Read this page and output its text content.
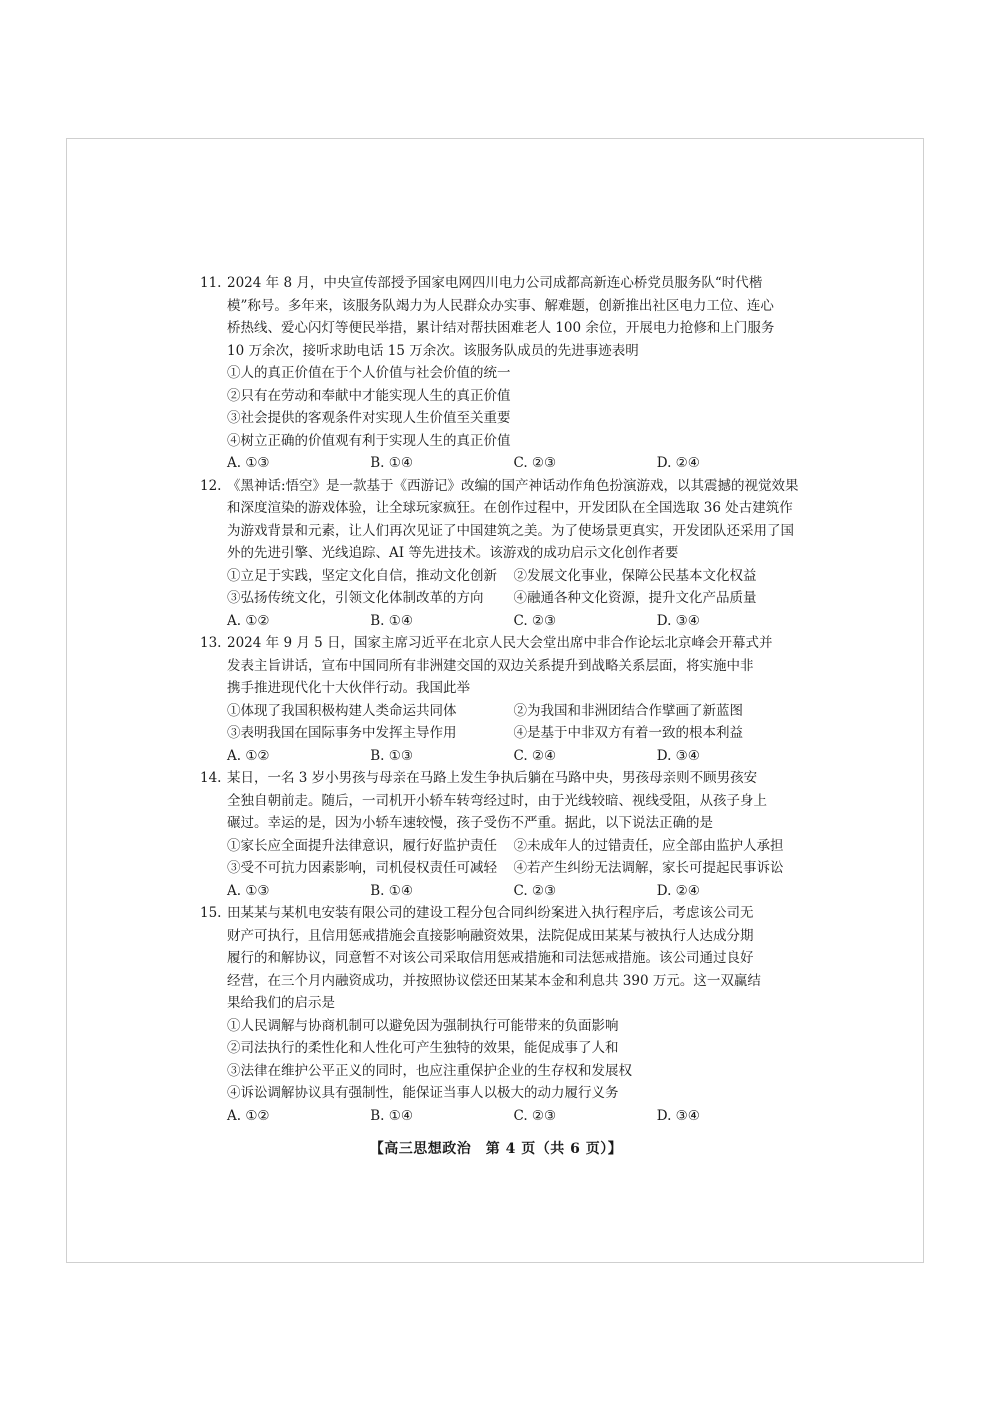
11. 2024 年 8 月，中央宣传部授予国家电网四川电力公司成都高新连心桥党员服务队“时代楷
模”称号。多年来，该服务队竭力为人民群众办实事、解难题，创新推出社区电力工位、连心
桥热线、爱心闪灯等便民举措，累计结对帮扶困难老人 100 余位，开展电力抢修和上门服务
10 万余次，接听求助电话 15 万余次。该服务队成员的先进事迹表明
①人的真正价值在于个人价值与社会价值的统一
②只有在劳动和奉献中才能实现人生的真正价值
③社会提供的客观条件对实现人生价值至关重要
④树立正确的价值观有利于实现人生的真正价值
A. ①③	B. ①④	C. ②③	D. ②④
12. 《黑神话:悟空》是一款基于《西游记》改编的国产神话动作角色扮演游戏，以其震撼的视觉效果
和深度渲染的游戏体验，让全球玩家疯狂。在创作过程中，开发团队在全国选取 36 处古建筑作
为游戏背景和元素，让人们再次见证了中国建筑之美。为了使场景更真实，开发团队还采用了国
外的先进引擎、光线追踪、AI 等先进技术。该游戏的成功启示文化创作者要
①立足于实践，坚定文化自信，推动文化创新	②发展文化事业，保障公民基本文化权益
③弘扬传统文化，引领文化体制改革的方向	④融通各种文化资源，提升文化产品质量
A. ①②	B. ①④	C. ②③	D. ③④
13. 2024 年 9 月 5 日，国家主席习近平在北京人民大会堂出席中非合作论坛北京峰会开幕式并
发表主旨讲话，宣布中国同所有非洲建交国的双边关系提升到战略关系层面，将实施中非
携手推进现代化十大伙伴行动。我国此举
①体现了我国积极构建人类命运共同体	②为我国和非洲团结合作擘画了新蓝图
③表明我国在国际事务中发挥主导作用	④是基于中非双方有着一致的根本利益
A. ①②	B. ①③	C. ②④	D. ③④
14. 某日，一名 3 岁小男孩与母亲在马路上发生争执后躺在马路中央，男孩母亲则不顾男孩安
全独自朝前走。随后，一司机开小轿车转弯经过时，由于光线较暗、视线受阻，从孩子身上
碾过。幸运的是，因为小轿车速较慢，孩子受伤不严重。据此，以下说法正确的是
①家长应全面提升法律意识，履行好监护责任	②未成年人的过错责任，应全部由监护人承担
③受不可抗力因素影响，司机侵权责任可减轻	④若产生纠纷无法调解，家长可提起民事诉讼
A. ①③	B. ①④	C. ②③	D. ②④
15. 田某某与某机电安装有限公司的建设工程分包合同纠纷案进入执行程序后，考虑该公司无
财产可执行，且信用惩戒措施会直接影响融资效果，法院促成田某某与被执行人达成分期
履行的和解协议，同意暂不对该公司采取信用惩戒措施和司法惩戒措施。该公司通过良好
经营，在三个月内融资成功，并按照协议偿还田某某本金和利息共 390 万元。这一双赢结
果给我们的启示是
①人民调解与协商机制可以避免因为强制执行可能带来的负面影响
②司法执行的柔性化和人性化可产生独特的效果，能促成事了人和
③法律在维护公平正义的同时，也应注重保护企业的生存权和发展权
④诉讼调解协议具有强制性，能保证当事人以极大的动力履行义务
A. ①②	B. ①④	C. ②③	D. ③④
【高三思想政治　第 4 页（共 6 页）】
